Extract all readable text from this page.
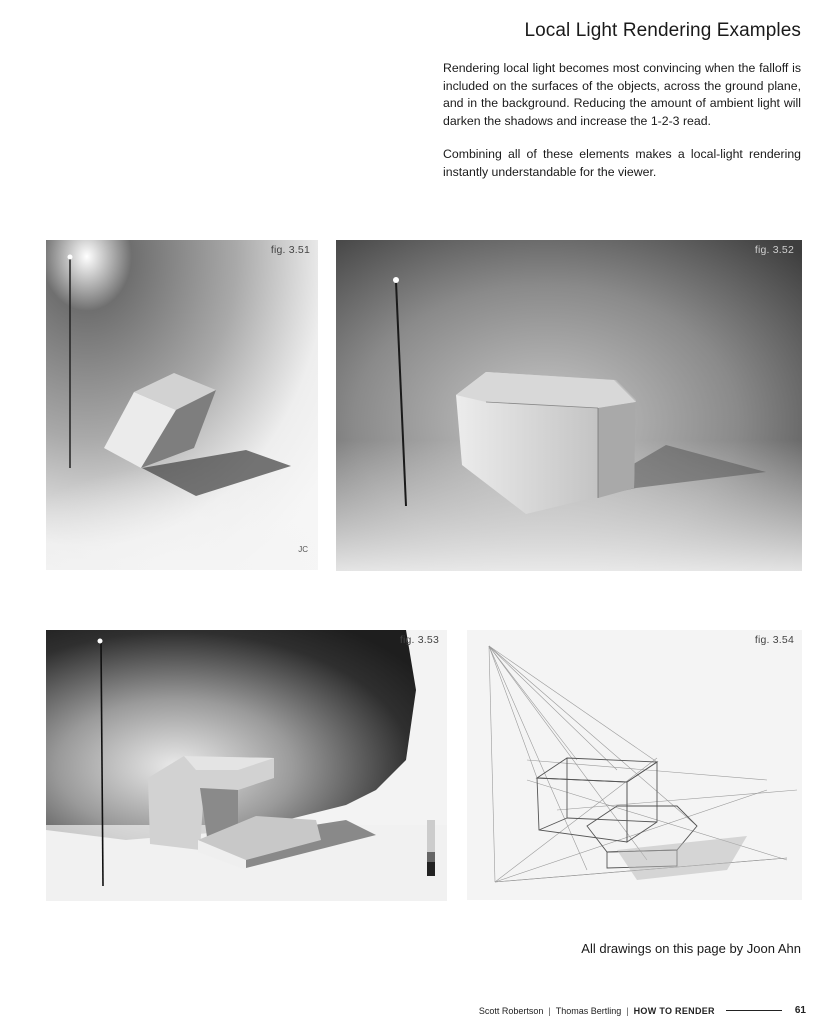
Local Light Rendering Examples

Rendering local light becomes most convincing when the falloff is included on the surfaces of the objects, across the ground plane, and in the background. Reducing the amount of ambient light will darken the shadows and increase the 1-2-3 read.

Combining all of these elements makes a local-light rendering instantly understandable for the viewer.

JC
fig. 3.51	fig. 3.52
fig. 3.53	fig. 3.54
All drawings on this page by Joon Ahn
Scott Robertson | Thomas Bertling | HOW TO RENDER	61
